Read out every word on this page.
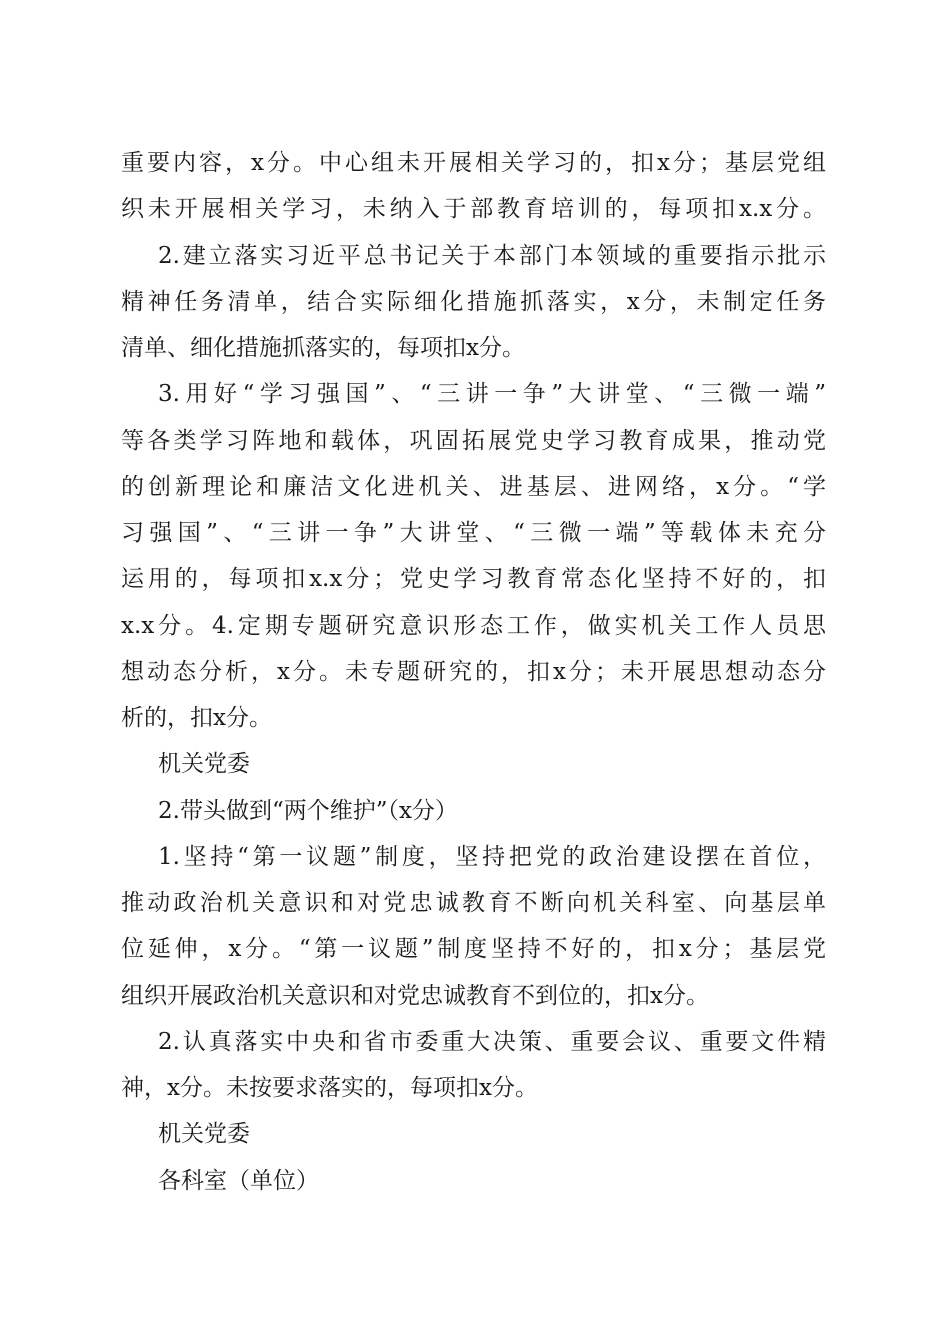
重要内容，x分。中心组未开展相关学习的，扣x分；基层党组
织未开展相关学习，未纳入于部教育培训的，每项扣x.x分。
2.建立落实习近平总书记关于本部门本领域的重要指示批示
精神任务清单，结合实际细化措施抓落实，x分，未制定任务
清单、细化措施抓落实的，每项扣x分。
3.用好“学习强国”、“三讲一争”大讲堂、“三微一端”
等各类学习阵地和载体，巩固拓展党史学习教育成果，推动党
的创新理论和廉洁文化进机关、进基层、进网络，x分。“学
习强国”、“三讲一争”大讲堂、“三微一端”等载体未充分
运用的，每项扣x.x分；党史学习教育常态化坚持不好的，扣
x.x分。4.定期专题研究意识形态工作，做实机关工作人员思
想动态分析，x分。未专题研究的，扣x分；未开展思想动态分
析的，扣x分。
机关党委
2.带头做到“两个维护”（x分）
1.坚持“第一议题”制度，坚持把党的政治建设摆在首位，
推动政治机关意识和对党忠诚教育不断向机关科室、向基层单
位延伸，x分。“第一议题”制度坚持不好的，扣x分；基层党
组织开展政治机关意识和对党忠诚教育不到位的，扣x分。
2.认真落实中央和省市委重大决策、重要会议、重要文件精
神，x分。未按要求落实的，每项扣x分。
机关党委
各科室（单位）
